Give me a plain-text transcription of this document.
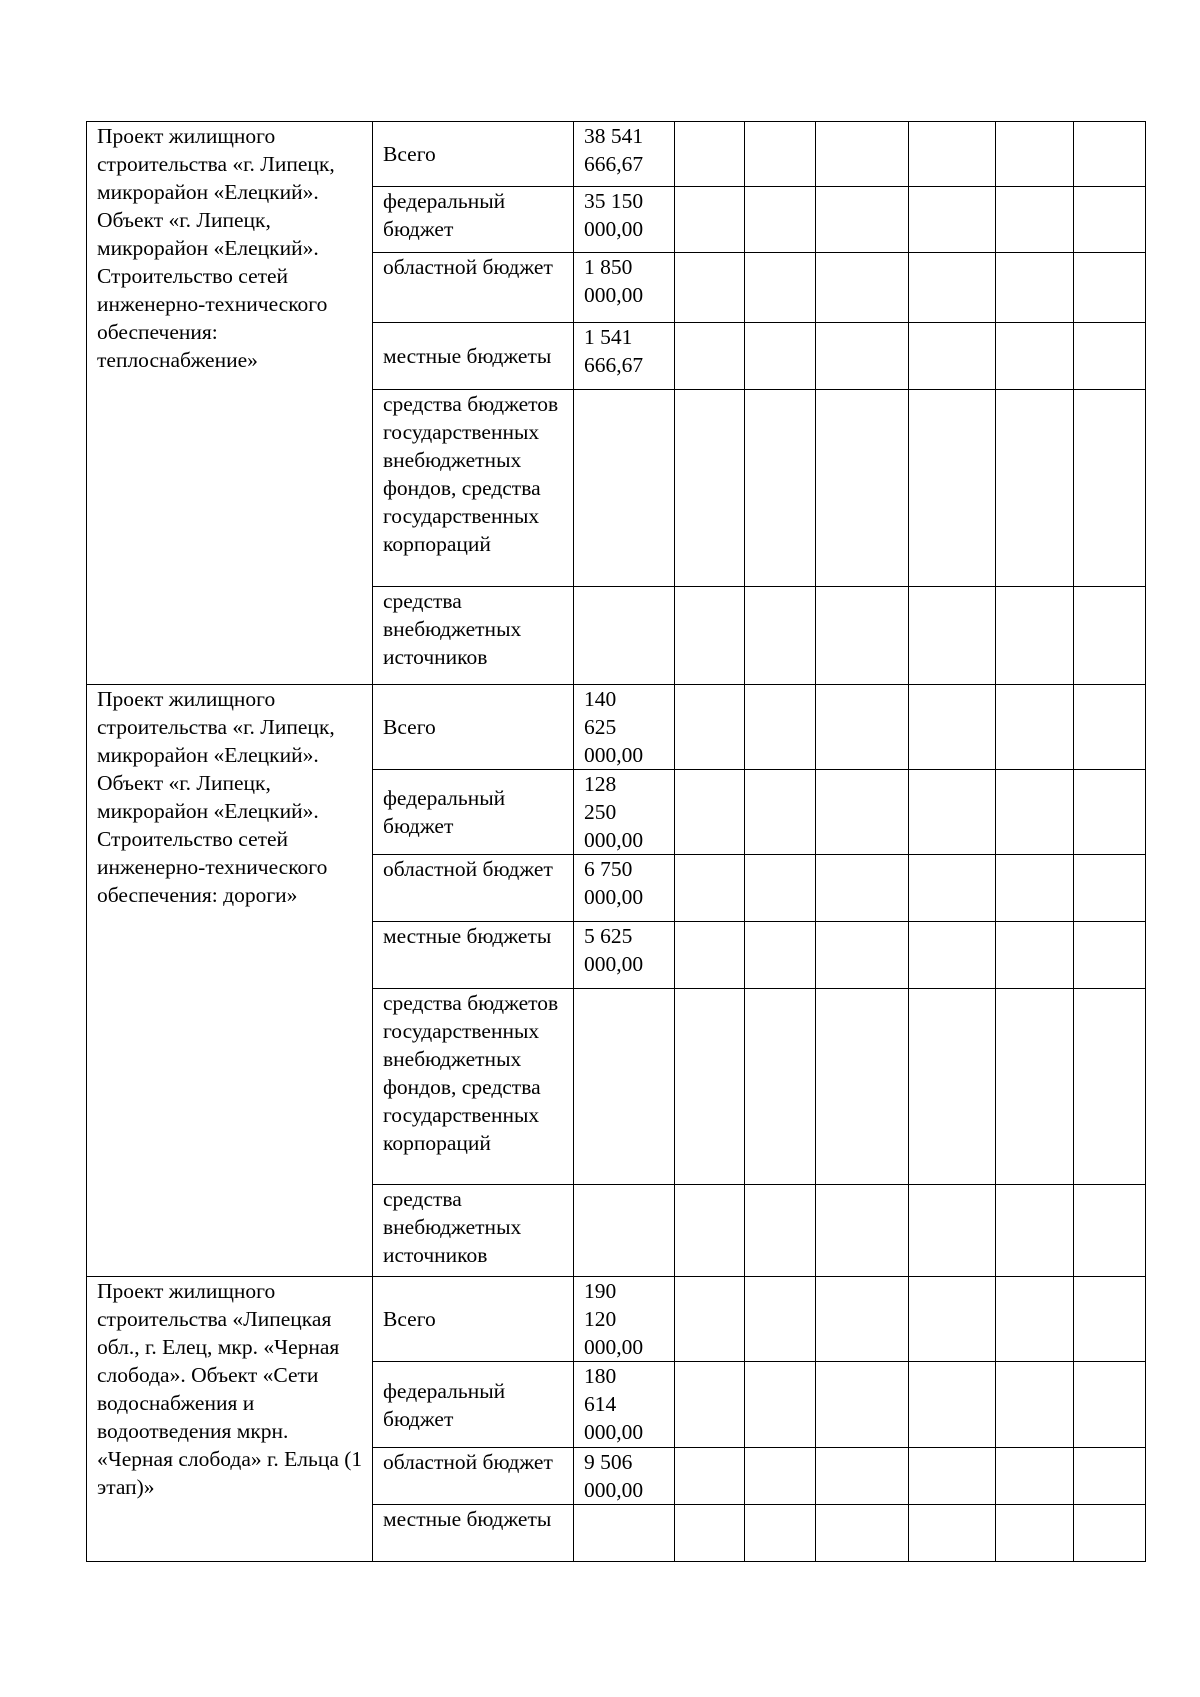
Проект жилищного строительства «г. Липецк, микрорайон «Елецкий». Объект «г. Липецк, микрорайон «Елецкий». Строительство сетей инженерно-технического обеспечения: теплоснабжение»	Всего	38 541
666,67						
	федеральный бюджет	35 150
000,00						
	областной бюджет	1 850
000,00						
	местные бюджеты	1 541
666,67						
	средства бюджетов государственных внебюджетных фондов, средства государственных корпораций							
	средства внебюджетных источников							
Проект жилищного строительства «г. Липецк, микрорайон «Елецкий». Объект «г. Липецк, микрорайон «Елецкий». Строительство сетей инженерно-технического обеспечения: дороги»	Всего	140
625
000,00						
	федеральный бюджет	128
250
000,00						
	областной бюджет	6 750
000,00						
	местные бюджеты	5 625
000,00						
	средства бюджетов государственных внебюджетных фондов, средства государственных корпораций							
	средства внебюджетных источников							
Проект жилищного строительства «Липецкая обл., г. Елец, мкр. «Черная слобода». Объект «Сети водоснабжения и водоотведения мкрн. «Черная слобода» г. Ельца (1 этап)»	Всего	190
120
000,00						
	федеральный бюджет	180
614
000,00						
	областной бюджет	9 506
000,00						
	местные бюджеты							
